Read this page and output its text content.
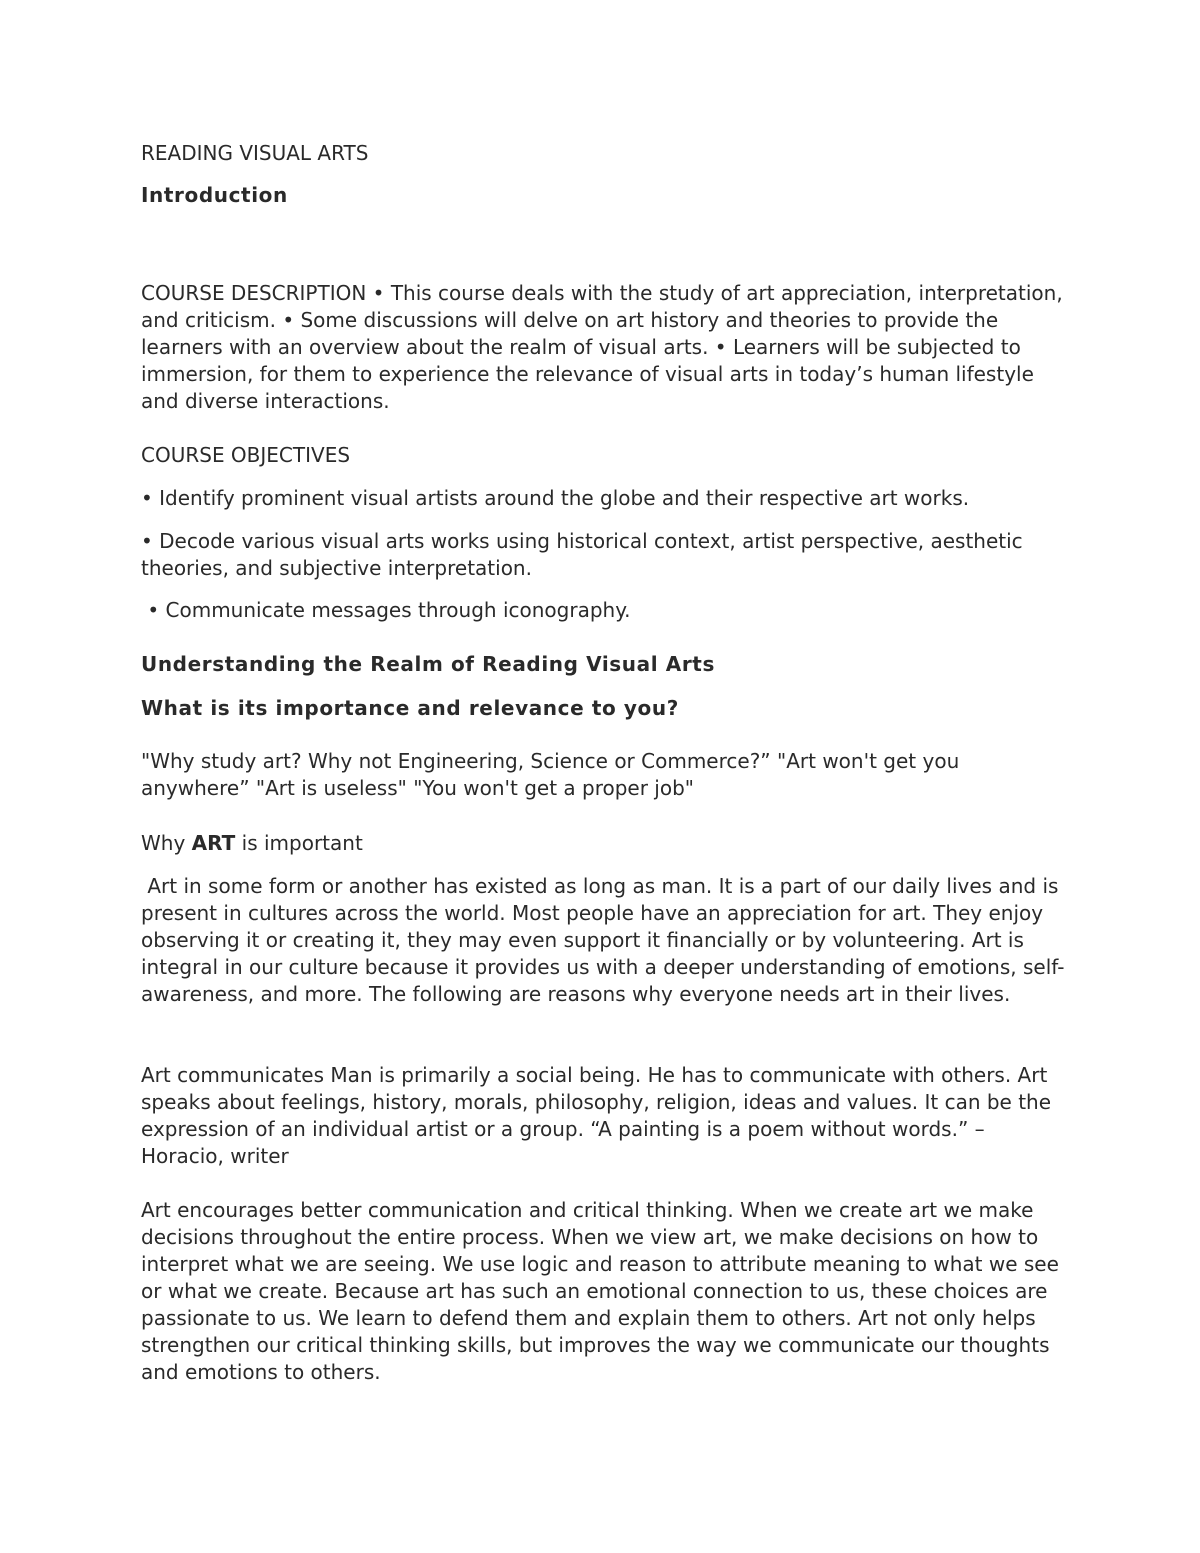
READING VISUAL ARTS

Introduction

COURSE DESCRIPTION • This course deals with the study of art appreciation, interpretation, and criticism. • Some discussions will delve on art history and theories to provide the learners with an overview about the realm of visual arts. • Learners will be subjected to immersion, for them to experience the relevance of visual arts in today’s human lifestyle and diverse interactions.

COURSE OBJECTIVES

• Identify prominent visual artists around the globe and their respective art works.

• Decode various visual arts works using historical context, artist perspective, aesthetic theories, and subjective interpretation.

• Communicate messages through iconography.

Understanding the Realm of Reading Visual Arts

What is its importance and relevance to you?

"Why study art? Why not Engineering, Science or Commerce?” "Art won't get you anywhere” "Art is useless" "You won't get a proper job"

Why ART is important

Art in some form or another has existed as long as man. It is a part of our daily lives and is present in cultures across the world. Most people have an appreciation for art. They enjoy observing it or creating it, they may even support it financially or by volunteering. Art is integral in our culture because it provides us with a deeper understanding of emotions, self-awareness, and more. The following are reasons why everyone needs art in their lives.

Art communicates Man is primarily a social being. He has to communicate with others. Art speaks about feelings, history, morals, philosophy, religion, ideas and values. It can be the expression of an individual artist or a group. “A painting is a poem without words.” – Horacio, writer

Art encourages better communication and critical thinking. When we create art we make decisions throughout the entire process. When we view art, we make decisions on how to interpret what we are seeing. We use logic and reason to attribute meaning to what we see or what we create. Because art has such an emotional connection to us, these choices are passionate to us. We learn to defend them and explain them to others. Art not only helps strengthen our critical thinking skills, but improves the way we communicate our thoughts and emotions to others.
